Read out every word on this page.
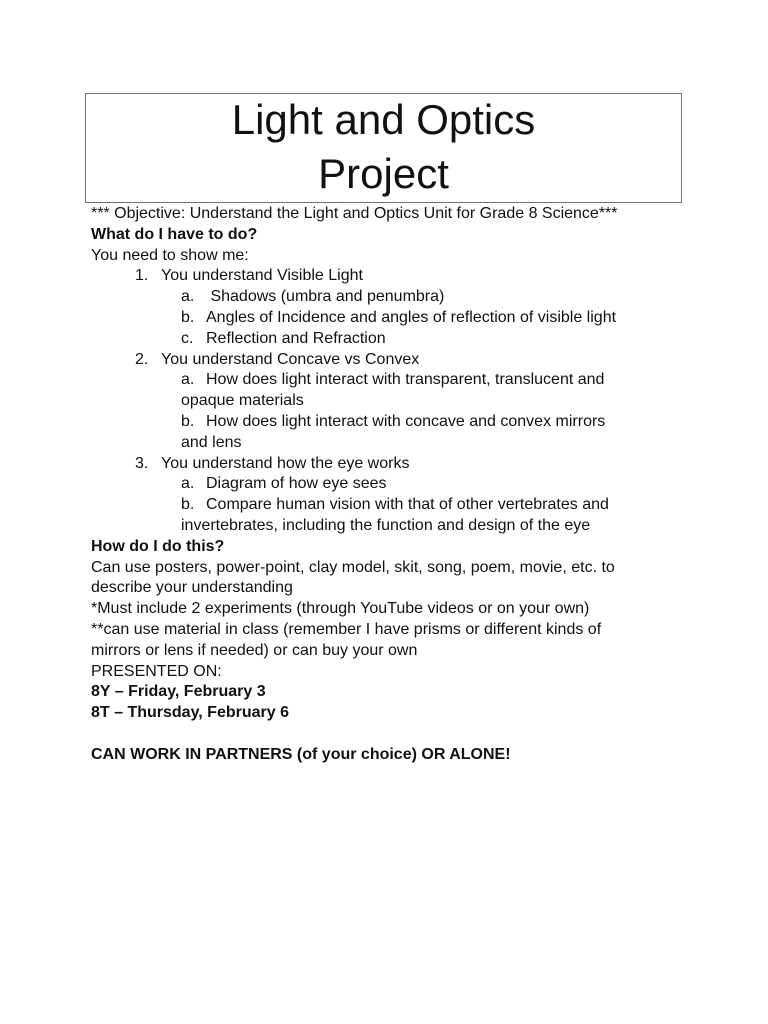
Light and Optics
Project
*** Objective: Understand the Light and Optics Unit for Grade 8 Science***
What do I have to do?
You need to show me:
1. You understand Visible Light
a. Shadows (umbra and penumbra)
b. Angles of Incidence and angles of reflection of visible light
c. Reflection and Refraction
2. You understand Concave vs Convex
a. How does light interact with transparent, translucent and
opaque materials
b. How does light interact with concave and convex mirrors
and lens
3. You understand how the eye works
a. Diagram of how eye sees
b. Compare human vision with that of other vertebrates and
invertebrates, including the function and design of the eye
How do I do this?
Can use posters, power-point, clay model, skit, song, poem, movie, etc. to
describe your understanding
*Must include 2 experiments (through YouTube videos or on your own)
**can use material in class (remember I have prisms or different kinds of
mirrors or lens if needed) or can buy your own
PRESENTED ON:
8Y – Friday, February 3
8T – Thursday, February 6
CAN WORK IN PARTNERS (of your choice) OR ALONE!
